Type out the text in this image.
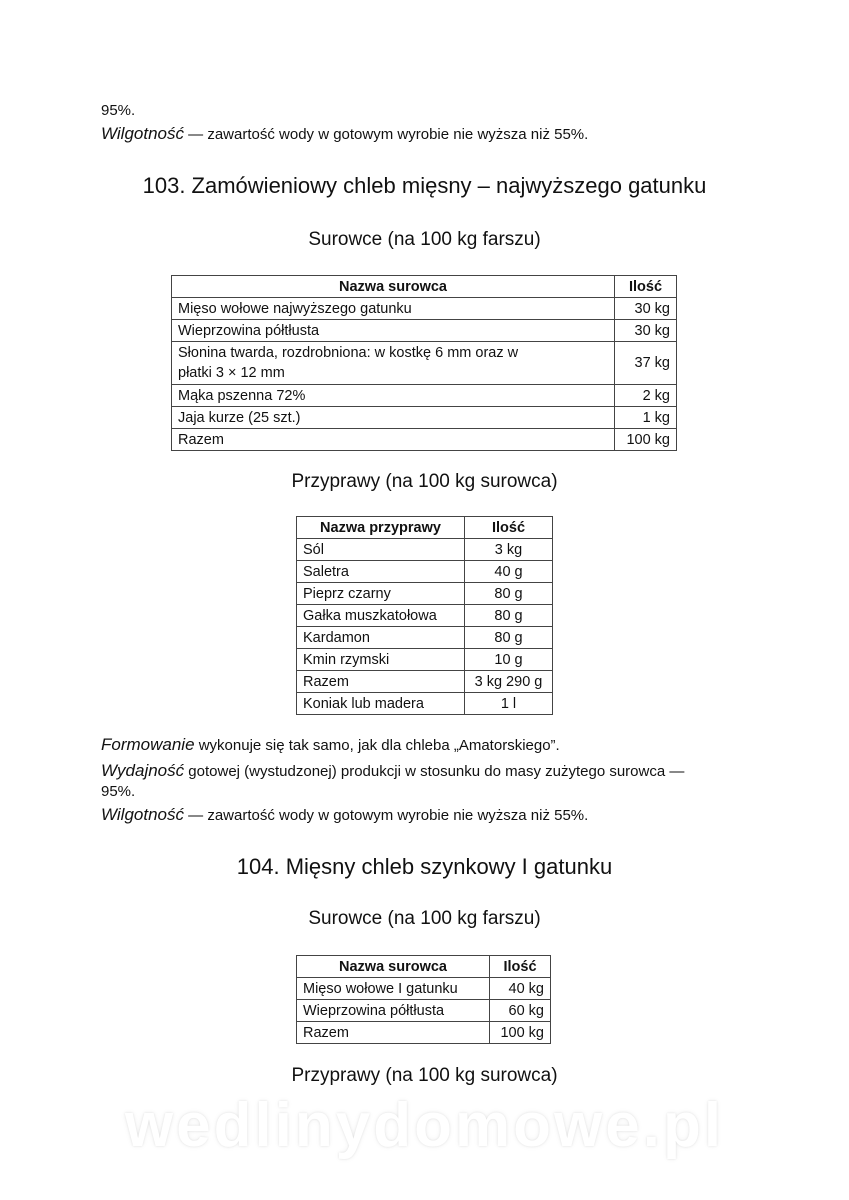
95%.
Wilgotność — zawartość wody w gotowym wyrobie nie wyższa niż 55%.
103. Zamówieniowy chleb mięsny – najwyższego gatunku
Surowce (na 100 kg farszu)
Nazwa surowca	Ilość
Mięso wołowe najwyższego gatunku	30 kg
Wieprzowina półtłusta	30 kg

Słonina twarda, rozdrobniona: w kostkę 6 mm oraz w
płatki 3 × 12 mm	37 kg
Mąka pszenna 72%	2 kg
Jaja kurze (25 szt.)	1 kg
Razem	100 kg
Przyprawy (na 100 kg surowca)
Nazwa przyprawy	Ilość
Sól	3 kg
Saletra	40 g
Pieprz czarny	80 g
Gałka muszkatołowa	80 g
Kardamon	80 g
Kmin rzymski	10 g
Razem	3 kg 290 g
Koniak lub madera	1 l
Formowanie wykonuje się tak samo, jak dla chleba „Amatorskiego”.
Wydajność gotowej (wystudzonej) produkcji w stosunku do masy zużytego surowca —
95%.
Wilgotność — zawartość wody w gotowym wyrobie nie wyższa niż 55%.
104. Mięsny chleb szynkowy I gatunku
Surowce (na 100 kg farszu)
Nazwa surowca	Ilość
Mięso wołowe I gatunku	40 kg
Wieprzowina półtłusta	60 kg
Razem	100 kg
Przyprawy (na 100 kg surowca)
wedlinydomowe.pl
